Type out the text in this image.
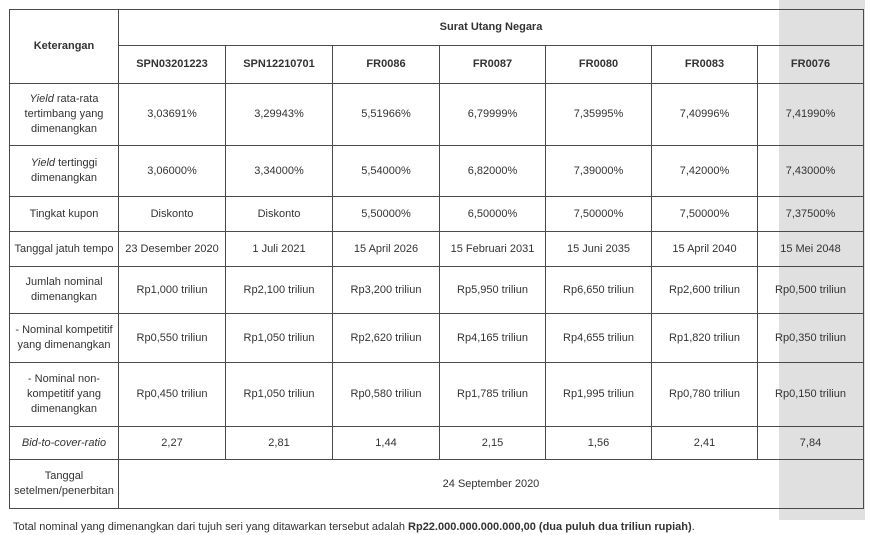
Keterangan	Surat Utang Negara						
	SPN03201223	SPN12210701	FR0086	FR0087	FR0080	FR0083	FR0076
Yield rata-rata tertimbang yang dimenangkan	3,03691%	3,29943%	5,51966%	6,79999%	7,35995%	7,40996%	7,41990%
Yield tertinggi dimenangkan	3,06000%	3,34000%	5,54000%	6,82000%	7,39000%	7,42000%	7,43000%
Tingkat kupon	Diskonto	Diskonto	5,50000%	6,50000%	7,50000%	7,50000%	7,37500%
Tanggal jatuh tempo	23 Desember 2020	1 Juli 2021	15 April 2026	15 Februari 2031	15 Juni 2035	15 April 2040	15 Mei 2048
Jumlah nominal dimenangkan	Rp1,000 triliun	Rp2,100 triliun	Rp3,200 triliun	Rp5,950 triliun	Rp6,650 triliun	Rp2,600 triliun	Rp0,500 triliun
- Nominal kompetitif yang dimenangkan	Rp0,550 triliun	Rp1,050 triliun	Rp2,620 triliun	Rp4,165 triliun	Rp4,655 triliun	Rp1,820 triliun	Rp0,350 triliun
- Nominal non-kompetitif yang dimenangkan	Rp0,450 triliun	Rp1,050 triliun	Rp0,580 triliun	Rp1,785 triliun	Rp1,995 triliun	Rp0,780 triliun	Rp0,150 triliun
Bid-to-cover-ratio	2,27	2,81	1,44	2,15	1,56	2,41	7,84
Tanggal setelmen/penerbitan	24 September 2020						
Total nominal yang dimenangkan dari tujuh seri yang ditawarkan tersebut adalah Rp22.000.000.000.000,00 (dua puluh dua triliun rupiah).
